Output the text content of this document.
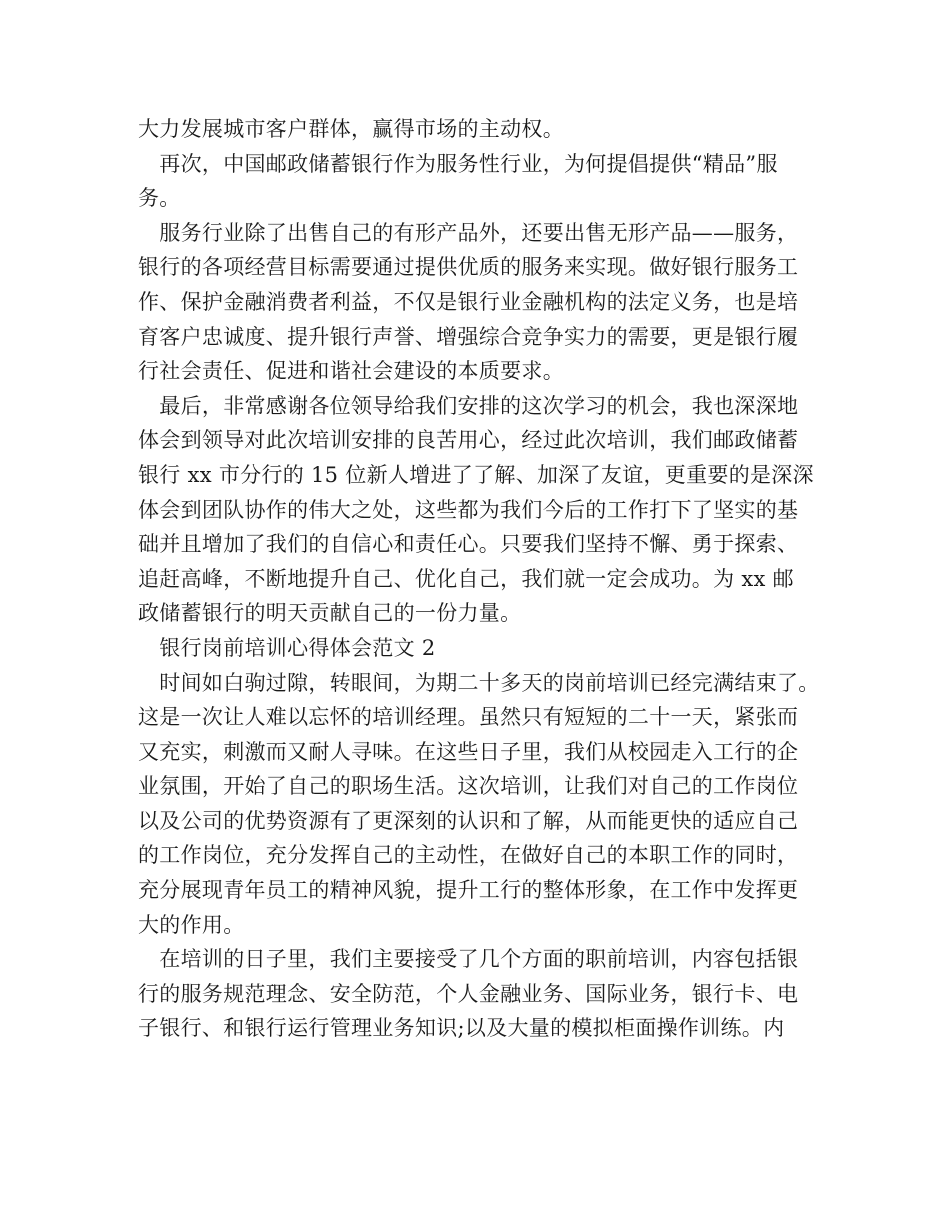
大力发展城市客户群体，赢得市场的主动权。
　再次，中国邮政储蓄银行作为服务性行业，为何提倡提供“精品”服
务。
　服务行业除了出售自己的有形产品外，还要出售无形产品——服务，
银行的各项经营目标需要通过提供优质的服务来实现。做好银行服务工
作、保护金融消费者利益，不仅是银行业金融机构的法定义务，也是培
育客户忠诚度、提升银行声誉、增强综合竞争实力的需要，更是银行履
行社会责任、促进和谐社会建设的本质要求。
　最后，非常感谢各位领导给我们安排的这次学习的机会，我也深深地
体会到领导对此次培训安排的良苦用心，经过此次培训，我们邮政储蓄
银行 xx 市分行的 15 位新人增进了了解、加深了友谊，更重要的是深深
体会到团队协作的伟大之处，这些都为我们今后的工作打下了坚实的基
础并且增加了我们的自信心和责任心。只要我们坚持不懈、勇于探索、
追赶高峰，不断地提升自己、优化自己，我们就一定会成功。为 xx 邮
政储蓄银行的明天贡献自己的一份力量。
　银行岗前培训心得体会范文 2
　时间如白驹过隙，转眼间，为期二十多天的岗前培训已经完满结束了。
这是一次让人难以忘怀的培训经理。虽然只有短短的二十一天，紧张而
又充实，刺激而又耐人寻味。在这些日子里，我们从校园走入工行的企
业氛围，开始了自己的职场生活。这次培训，让我们对自己的工作岗位
以及公司的优势资源有了更深刻的认识和了解，从而能更快的适应自己
的工作岗位，充分发挥自己的主动性，在做好自己的本职工作的同时，
充分展现青年员工的精神风貌，提升工行的整体形象，在工作中发挥更
大的作用。
　在培训的日子里，我们主要接受了几个方面的职前培训，内容包括银
行的服务规范理念、安全防范，个人金融业务、国际业务，银行卡、电
子银行、和银行运行管理业务知识;以及大量的模拟柜面操作训练。内
